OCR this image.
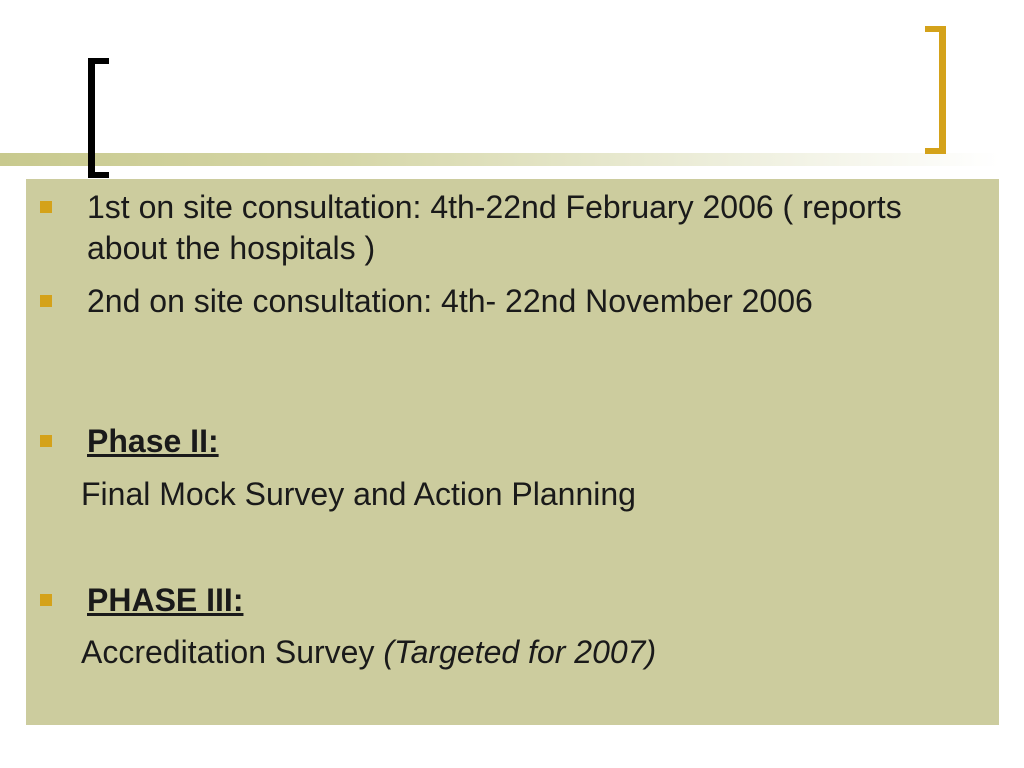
1st on site consultation: 4th-22nd February 2006 ( reports about the hospitals )
2nd on site consultation: 4th- 22nd November 2006
Phase II:
Final Mock Survey and Action Planning
PHASE III:
Accreditation Survey (Targeted for 2007)
